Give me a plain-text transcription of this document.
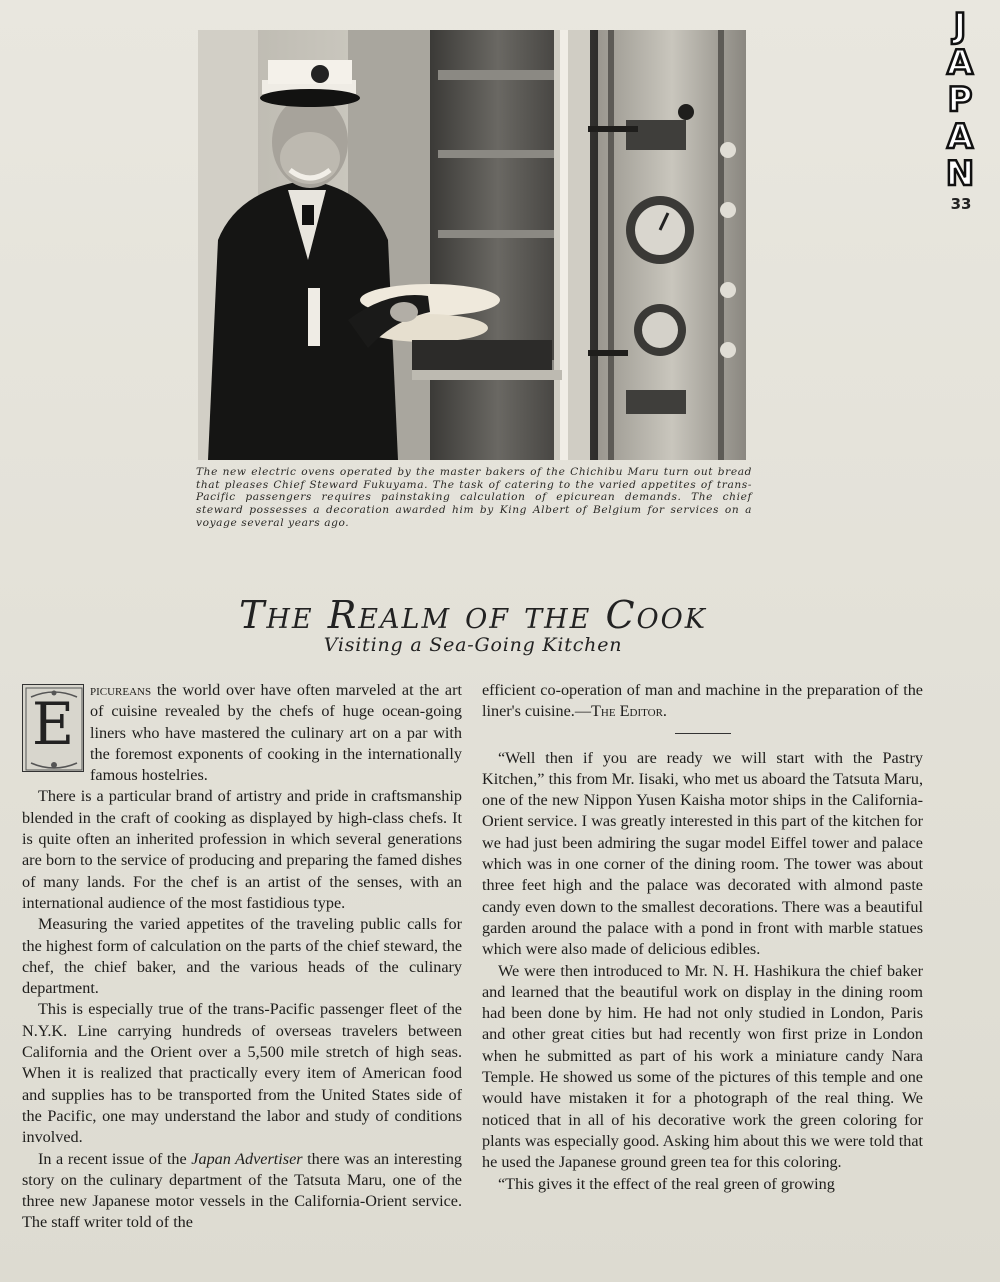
J
A
P
A
N
33
The new electric ovens operated by the master bakers of the Chichibu Maru turn out bread that pleases Chief Steward Fukuyama. The task of catering to the varied appetites of trans-Pacific passengers requires painstaking calculation of epicurean demands. The chief steward possesses a decoration awarded him by King Albert of Belgium for services on a voyage several years ago.
The Realm of the Cook
Visiting a Sea-Going Kitchen

E picureans the world over have often marveled at the art of cuisine revealed by the chefs of huge ocean-going liners who have mastered the culinary art on a par with the foremost exponents of cooking in the internationally famous hostelries.

There is a particular brand of artistry and pride in craftsmanship blended in the craft of cooking as displayed by high-class chefs. It is quite often an inherited profession in which several generations are born to the service of producing and preparing the famed dishes of many lands. For the chef is an artist of the senses, with an international audience of the most fastidious type.

Measuring the varied appetites of the traveling public calls for the highest form of calculation on the parts of the chief steward, the chef, the chief baker, and the various heads of the culinary department.

This is especially true of the trans-Pacific passenger fleet of the N.Y.K. Line carrying hundreds of overseas travelers between California and the Orient over a 5,500 mile stretch of high seas. When it is realized that practically every item of American food and supplies has to be transported from the United States side of the Pacific, one may understand the labor and study of conditions involved.

In a recent issue of the Japan Advertiser there was an interesting story on the culinary department of the Tatsuta Maru, one of the three new Japanese motor vessels in the California-Orient service. The staff writer told of the

efficient co-operation of man and machine in the preparation of the liner's cuisine.—The Editor.

“Well then if you are ready we will start with the Pastry Kitchen,” this from Mr. Iisaki, who met us aboard the Tatsuta Maru, one of the new Nippon Yusen Kaisha motor ships in the California-Orient service. I was greatly interested in this part of the kitchen for we had just been admiring the sugar model Eiffel tower and palace which was in one corner of the dining room. The tower was about three feet high and the palace was decorated with almond paste candy even down to the smallest decorations. There was a beautiful garden around the palace with a pond in front with marble statues which were also made of delicious edibles.

We were then introduced to Mr. N. H. Hashikura the chief baker and learned that the beautiful work on display in the dining room had been done by him. He had not only studied in London, Paris and other great cities but had recently won first prize in London when he submitted as part of his work a miniature candy Nara Temple. He showed us some of the pictures of this temple and one would have mistaken it for a photograph of the real thing. We noticed that in all of his decorative work the green coloring for plants was especially good. Asking him about this we were told that he used the Japanese ground green tea for this coloring.

“This gives it the effect of the real green of growing
